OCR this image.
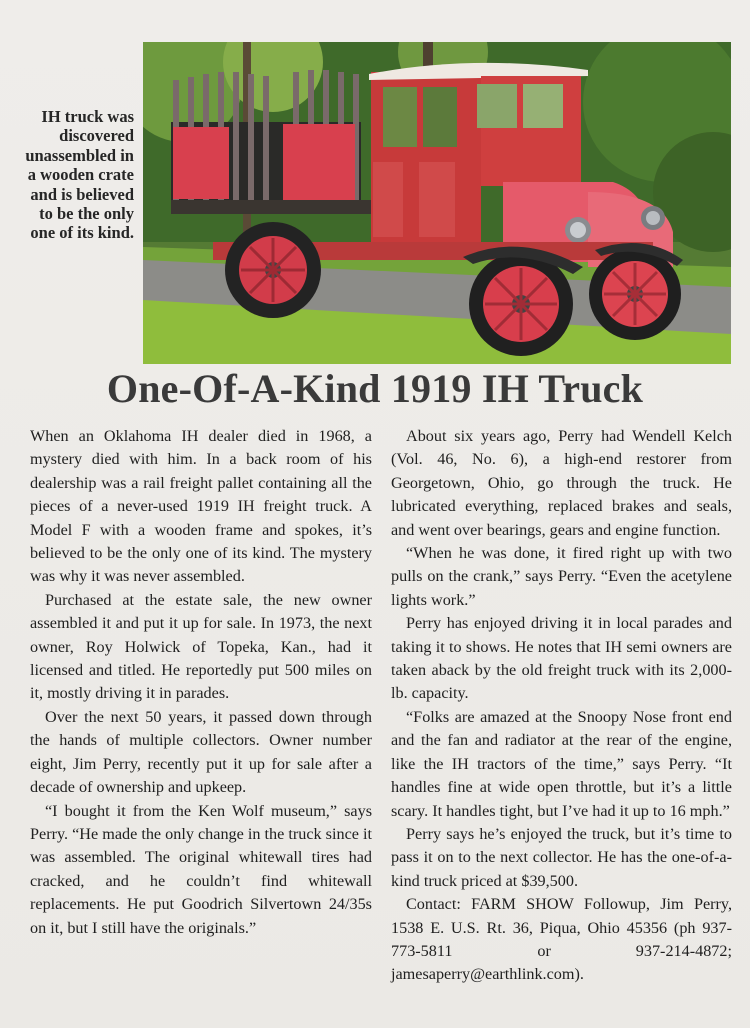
IH truck was discovered unassembled in a wooden crate and is believed to be the only one of its kind.
One-Of-A-Kind 1919 IH Truck

When an Oklahoma IH dealer died in 1968, a mystery died with him. In a back room of his dealership was a rail freight pallet containing all the pieces of a never-used 1919 IH freight truck. A Model F with a wooden frame and spokes, it’s believed to be the only one of its kind. The mystery was why it was never assembled.

Purchased at the estate sale, the new owner assembled it and put it up for sale. In 1973, the next owner, Roy Holwick of Topeka, Kan., had it licensed and titled. He reportedly put 500 miles on it, mostly driving it in parades.

Over the next 50 years, it passed down through the hands of multiple collectors. Owner number eight, Jim Perry, recently put it up for sale after a decade of ownership and upkeep.

“I bought it from the Ken Wolf museum,” says Perry. “He made the only change in the truck since it was assembled. The original whitewall tires had cracked, and he couldn’t find whitewall replacements. He put Goodrich Silvertown 24/35s on it, but I still have the originals.”

About six years ago, Perry had Wendell Kelch (Vol. 46, No. 6), a high-end restorer from Georgetown, Ohio, go through the truck. He lubricated everything, replaced brakes and seals, and went over bearings, gears and engine function.

“When he was done, it fired right up with two pulls on the crank,” says Perry. “Even the acetylene lights work.”

Perry has enjoyed driving it in local parades and taking it to shows. He notes that IH semi owners are taken aback by the old freight truck with its 2,000-lb. capacity.

“Folks are amazed at the Snoopy Nose front end and the fan and radiator at the rear of the engine, like the IH tractors of the time,” says Perry. “It handles fine at wide open throttle, but it’s a little scary. It handles tight, but I’ve had it up to 16 mph.”

Perry says he’s enjoyed the truck, but it’s time to pass it on to the next collector. He has the one-of-a-kind truck priced at $39,500.

Contact: FARM SHOW Followup, Jim Perry, 1538 E. U.S. Rt. 36, Piqua, Ohio 45356 (ph 937-773-5811 or 937-214-4872; jamesaperry@earthlink.com).
